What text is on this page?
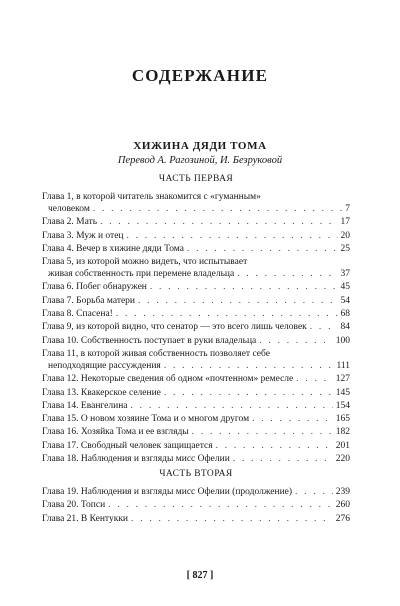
СОДЕРЖАНИЕ
ХИЖИНА ДЯДИ ТОМА
Перевод А. Рагозиной, И. Безруковой
ЧАСТЬ ПЕРВАЯ
Глава 1, в которой читатель знакомится с «гуманным»
человеком . . .	7
Глава 2. Мать . . .	17
Глава 3. Муж и отец . . .	20
Глава 4. Вечер в хижине дяди Тома . . .	25
Глава 5, из которой можно видеть, что испытывает
живая собственность при перемене владельца . . .	37
Глава 6. Побег обнаружен . . .	45
Глава 7. Борьба матери . . .	54
Глава 8. Спасена! . . .	68
Глава 9, из которой видно, что сенатор — это всего лишь человек . . .	84
Глава 10. Собственность поступает в руки владельца . . .	100
Глава 11, в которой живая собственность позволяет себе
неподходящие рассуждения . . .	111
Глава 12. Некоторые сведения об одном «почтенном» ремесле . . .	127
Глава 13. Квакерское селение . . .	145
Глава 14. Евангелина . . .	154
Глава 15. О новом хозяине Тома и о многом другом . . .	165
Глава 16. Хозяйка Тома и ее взгляды . . .	182
Глава 17. Свободный человек защищается . . .	201
Глава 18. Наблюдения и взгляды мисс Офелии . . .	220
ЧАСТЬ ВТОРАЯ
Глава 19. Наблюдения и взгляды мисс Офелии (продолжение) . . .	239
Глава 20. Топси . . .	260
Глава 21. В Кентукки . . .	276
[ 827 ]
